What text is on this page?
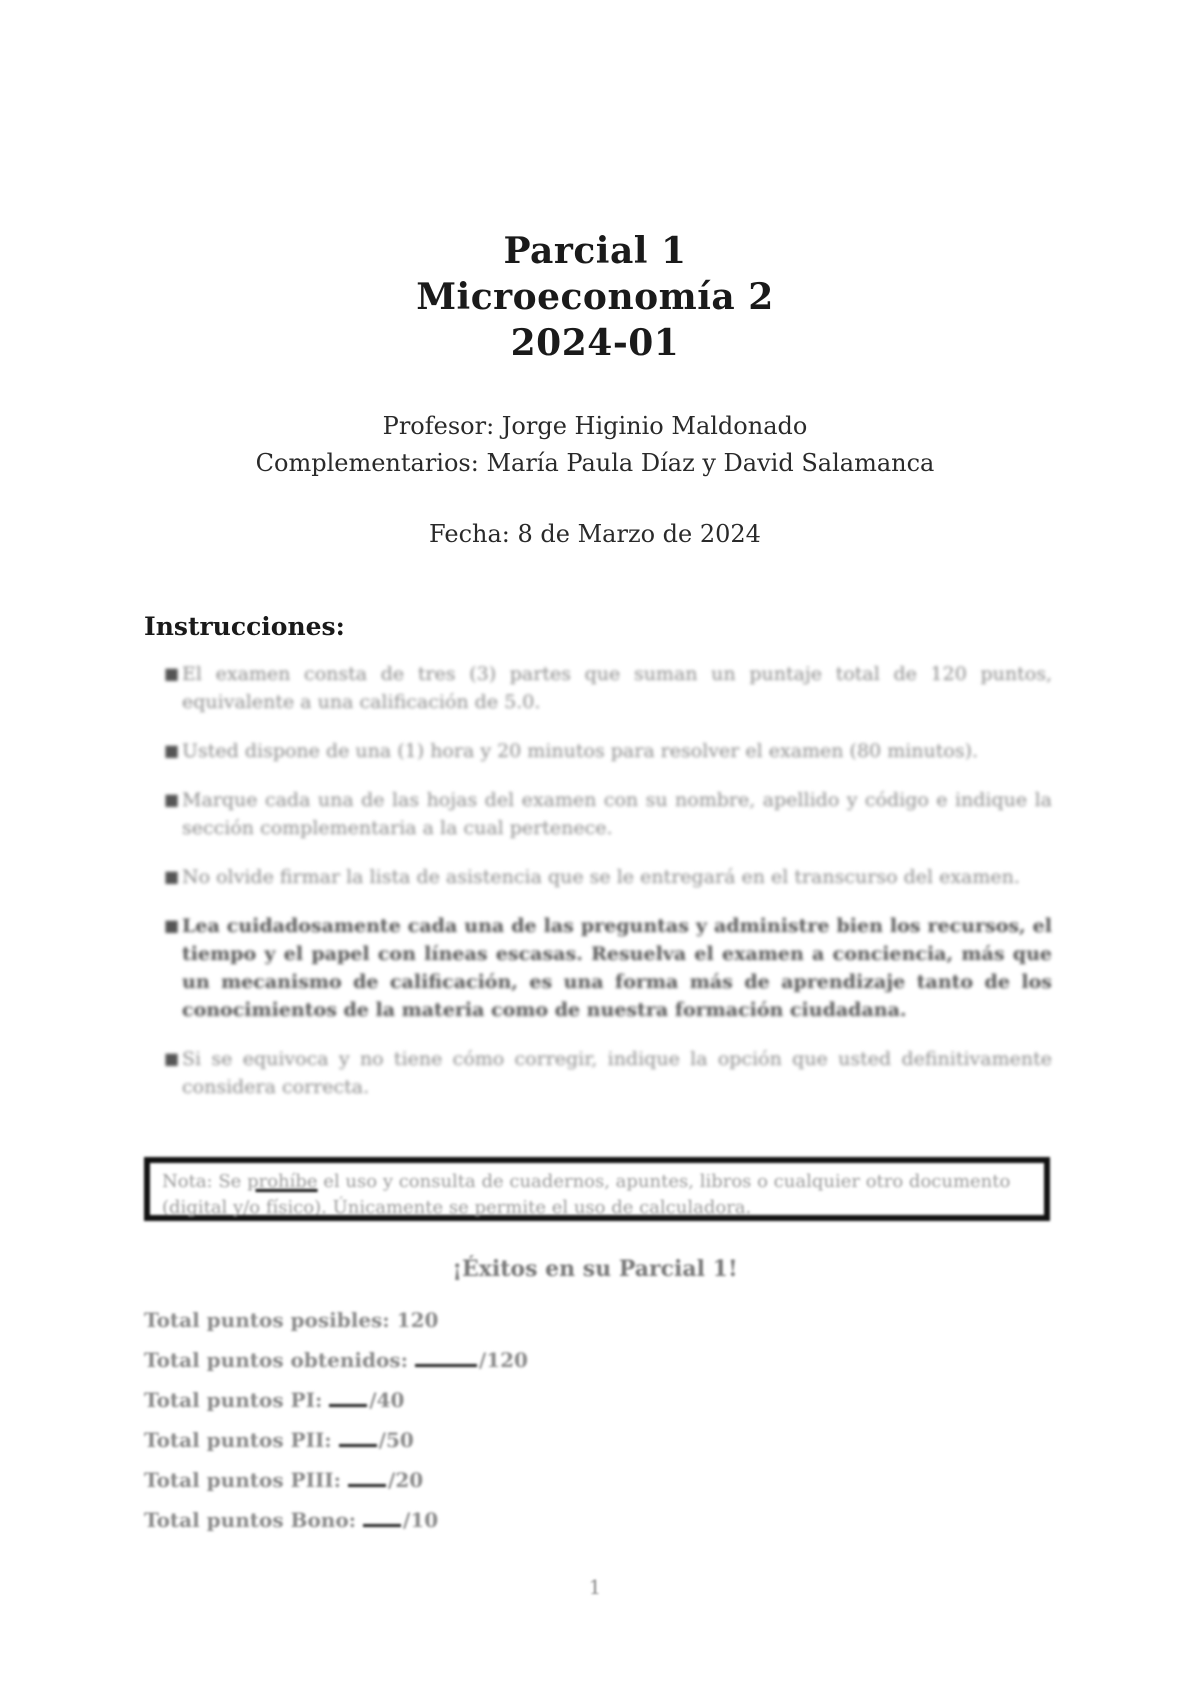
Parcial 1
Microeconomía 2
2024-01
Profesor: Jorge Higinio Maldonado
Complementarios: María Paula Díaz y David Salamanca
Fecha: 8 de Marzo de 2024
Instrucciones:
■ El examen consta de tres (3) partes que suman un puntaje total de 120 puntos, equivalente a una calificación de 5.0.
■ Usted dispone de una (1) hora y 20 minutos para resolver el examen (80 minutos).
■ Marque cada una de las hojas del examen con su nombre, apellido y código e indique la sección complementaria a la cual pertenece.
■ No olvide firmar la lista de asistencia que se le entregará en el transcurso del examen.
■ Lea cuidadosamente cada una de las preguntas y administre bien los recursos, el tiempo y el papel con líneas escasas. Resuelva el examen a conciencia, más que un mecanismo de calificación, es una forma más de aprendizaje tanto de los conocimientos de la materia como de nuestra formación ciudadana.
■ Si se equivoca y no tiene cómo corregir, indique la opción que usted definitivamente considera correcta.
Nota: Se prohíbe el uso y consulta de cuadernos, apuntes, libros o cualquier otro documento (digital y/o físico). Únicamente se permite el uso de calculadora.
¡Éxitos en su Parcial 1!
Total puntos posibles: 120
Total puntos obtenidos:	/120
Total puntos PI: /40
Total puntos PII: /50
Total puntos PIII: /20
Total puntos Bono: /10
1
